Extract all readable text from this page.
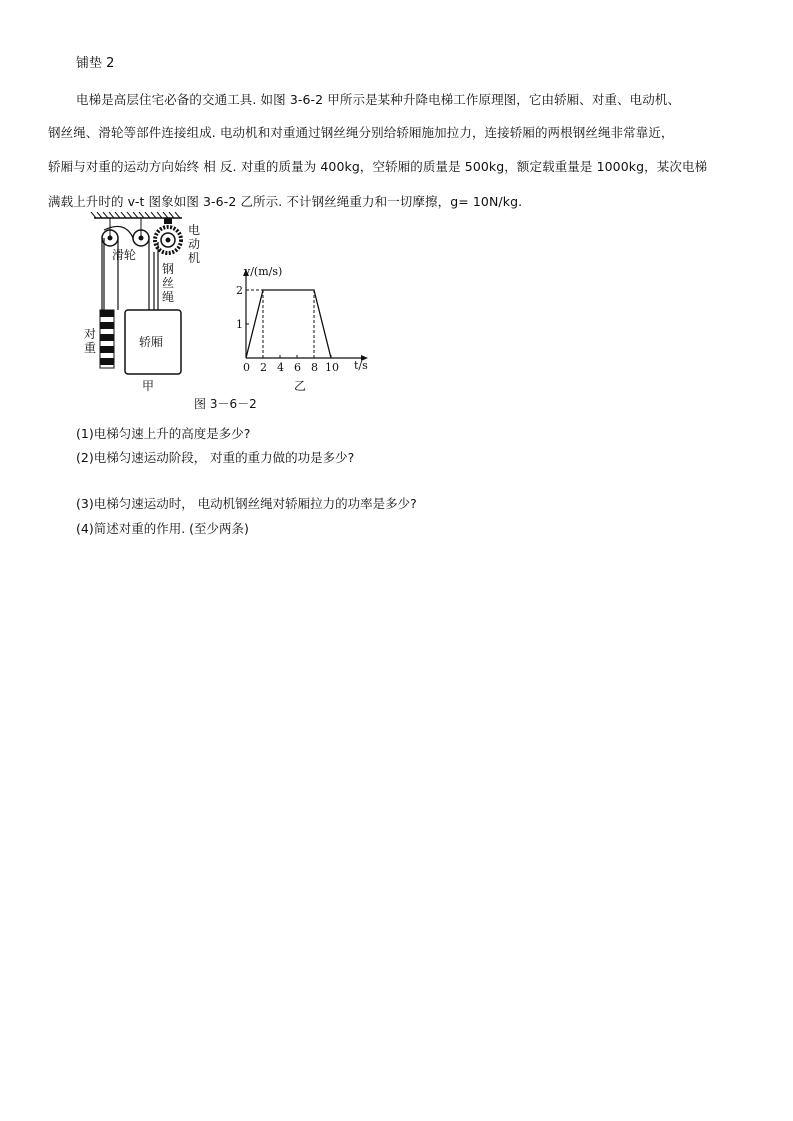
铺垫 2
电梯是高层住宅必备的交通工具. 如图 3-6-2 甲所示是某种升降电梯工作原理图，它由轿厢、对重、电动机、
钢丝绳、滑轮等部件连接组成. 电动机和对重通过钢丝绳分别给轿厢施加拉力，连接轿厢的两根钢丝绳非常靠近，
轿厢与对重的运动方向始终 相 反. 对重的质量为 400kg，空轿厢的质量是 500kg，额定载重量是 1000kg，某次电梯
满载上升时的 v-t 图象如图 3-6-2 乙所示. 不计钢丝绳重力和一切摩擦，g= 10N/kg.
滑轮
电 动 机
钢 丝 绳
对 重	轿厢
甲
v/(m/s)
t/s
0 2 4 6 8 10
1
2
乙
图 3－6－2
(1)电梯匀速上升的高度是多少?
(2)电梯匀速运动阶段， 对重的重力做的功是多少?
(3)电梯匀速运动时， 电动机钢丝绳对轿厢拉力的功率是多少?
(4)简述对重的作用. (至少两条)
